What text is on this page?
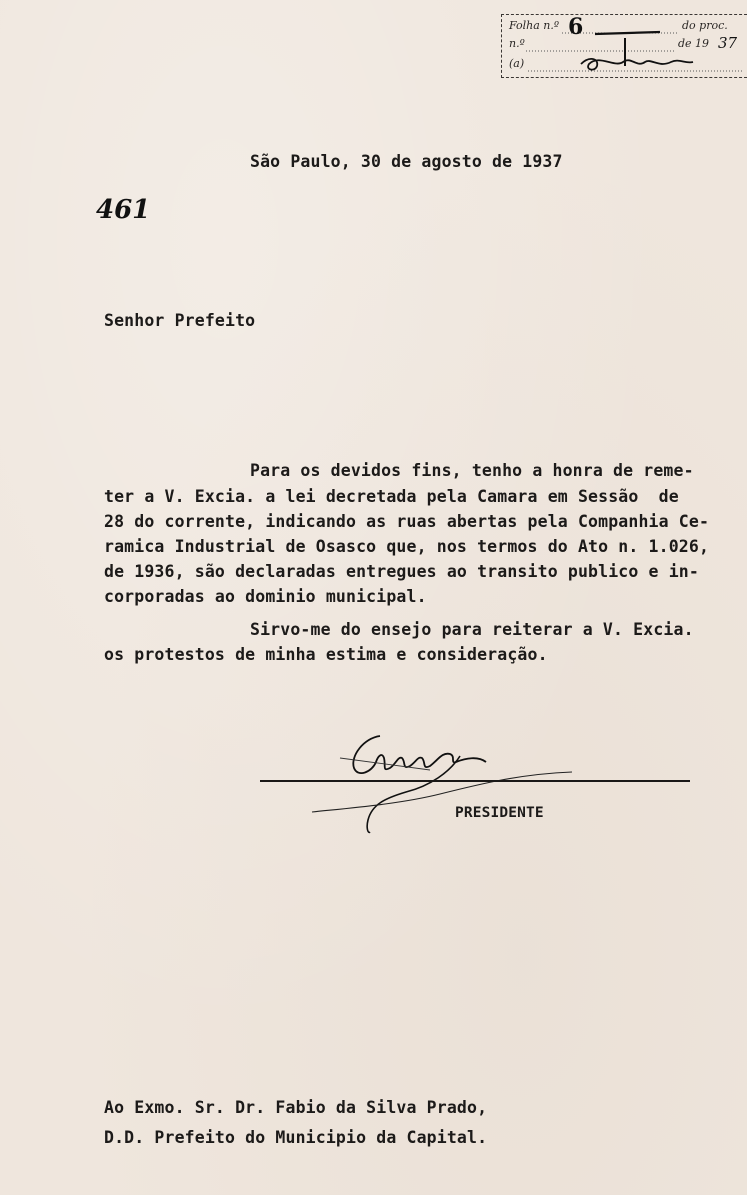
Folha n.º	do proc.
n.º	de 19
(a)
6
37
461
São Paulo, 30 de agosto de 1937
Senhor Prefeito
Para os devidos fins, tenho a honra de reme-
ter a V. Excia. a lei decretada pela Camara em Sessão  de
28 do corrente, indicando as ruas abertas pela Companhia Ce-
ramica Industrial de Osasco que, nos termos do Ato n. 1.026,
de 1936, são declaradas entregues ao transito publico e in-
corporadas ao dominio municipal.
Sirvo-me do ensejo para reiterar a V. Excia.
os protestos de minha estima e consideração.
PRESIDENTE
Ao Exmo. Sr. Dr. Fabio da Silva Prado,
D.D. Prefeito do Municipio da Capital.
